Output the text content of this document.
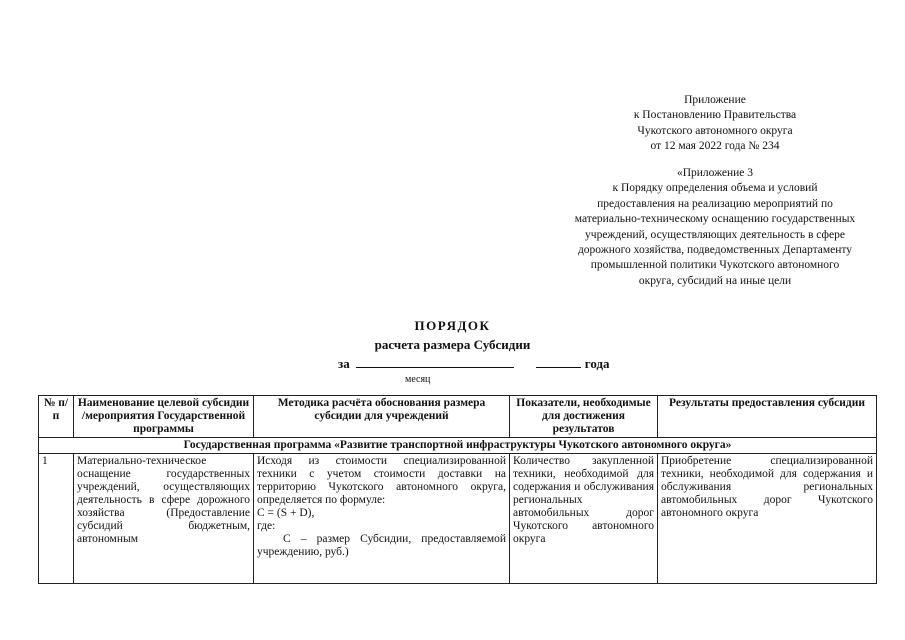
Приложение
к Постановлению Правительства
Чукотского автономного округа
от 12 мая 2022 года № 234
«Приложение 3
к Порядку определения объема и условий
предоставления на реализацию мероприятий по
материально-техническому оснащению государственных
учреждений, осуществляющих деятельность в сфере
дорожного хозяйства, подведомственных Департаменту
промышленной политики Чукотского автономного
округа, субсидий на иные цели
ПОРЯДОК
расчета размера Субсидии
за	года
месяц
№ п/п	Наименование целевой субсидии /мероприятия Государственной программы	Методика расчёта обоснования размера субсидии для учреждений	Показатели, необходимые для достижения результатов	Результаты предоставления субсидии
Государственная программа «Развитие транспортной инфраструктуры Чукотского автономного округа»				
1	Материально-техническое оснащение государственных учреждений, осуществляющих деятельность в сфере дорожного хозяйства (Предоставление субсидий бюджетным, автономным	Исходя из стоимости специализированной техники с учетом стоимости доставки на территорию Чукотского автономного округа, определяется по формуле:
C = (S + D),
где:
С – размер Субсидии, предоставляемой учреждению, руб.)	Количество закупленной техники, необходимой для содержания и обслуживания региональных автомобильных дорог Чукотского автономного округа	Приобретение специализированной техники, необходимой для содержания и обслуживания региональных автомобильных дорог Чукотского автономного округа
